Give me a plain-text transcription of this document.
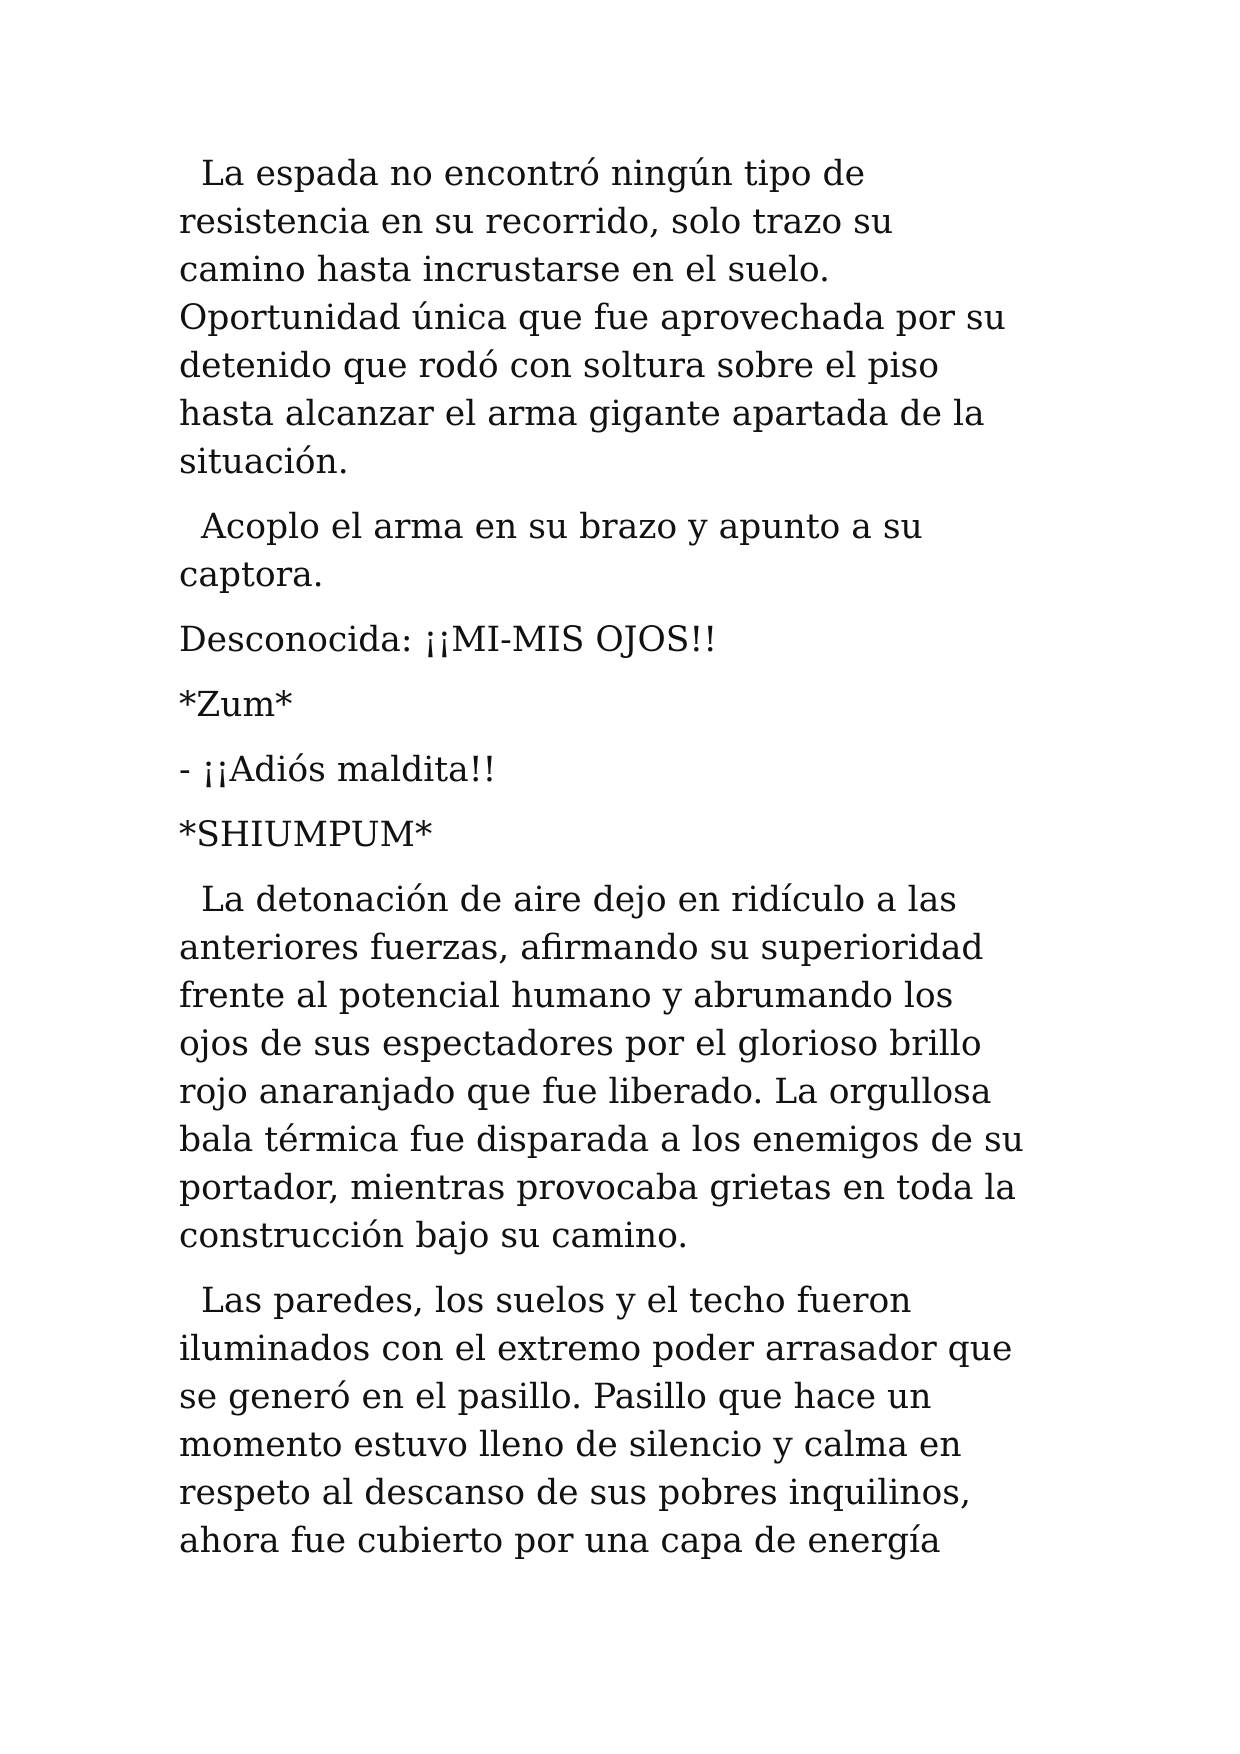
La espada no encontró ningún tipo de
resistencia en su recorrido, solo trazo su
camino hasta incrustarse en el suelo.
Oportunidad única que fue aprovechada por su
detenido que rodó con soltura sobre el piso
hasta alcanzar el arma gigante apartada de la
situación.

Acoplo el arma en su brazo y apunto a su
captora.

Desconocida: ¡¡MI-MIS OJOS!!

*Zum*

- ¡¡Adiós maldita!!

*SHIUMPUM*

La detonación de aire dejo en ridículo a las
anteriores fuerzas, afirmando su superioridad
frente al potencial humano y abrumando los
ojos de sus espectadores por el glorioso brillo
rojo anaranjado que fue liberado. La orgullosa
bala térmica fue disparada a los enemigos de su
portador, mientras provocaba grietas en toda la
construcción bajo su camino.

Las paredes, los suelos y el techo fueron
iluminados con el extremo poder arrasador que
se generó en el pasillo. Pasillo que hace un
momento estuvo lleno de silencio y calma en
respeto al descanso de sus pobres inquilinos,
ahora fue cubierto por una capa de energía
